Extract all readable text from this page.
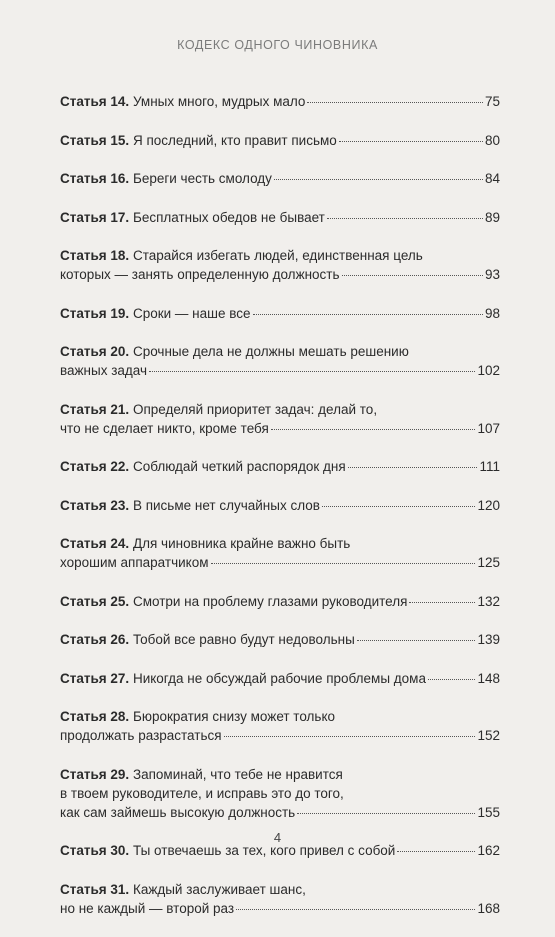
КОДЕКС ОДНОГО ЧИНОВНИКА
Статья 14. Умных много, мудрых мало	75
Статья 15. Я последний, кто правит письмо	80
Статья 16. Береги честь смолоду	84
Статья 17. Бесплатных обедов не бывает	89
Статья 18. Старайся избегать людей, единственная цель
которых — занять определенную должность	93
Статья 19. Сроки — наше все	98
Статья 20. Срочные дела не должны мешать решению
важных задач	102
Статья 21. Определяй приоритет задач: делай то,
что не сделает никто, кроме тебя	107
Статья 22. Соблюдай четкий распорядок дня	111
Статья 23. В письме нет случайных слов	120
Статья 24. Для чиновника крайне важно быть
хорошим аппаратчиком	125
Статья 25. Смотри на проблему глазами руководителя	132
Статья 26. Тобой все равно будут недовольны	139
Статья 27. Никогда не обсуждай рабочие проблемы дома	148
Статья 28. Бюрократия снизу может только
продолжать разрастаться	152
Статья 29. Запоминай, что тебе не нравится
в твоем руководителе, и исправь это до того,
как сам займешь высокую должность	155
Статья 30. Ты отвечаешь за тех, кого привел с собой	162
Статья 31. Каждый заслуживает шанс,
но не каждый — второй раз	168
4
